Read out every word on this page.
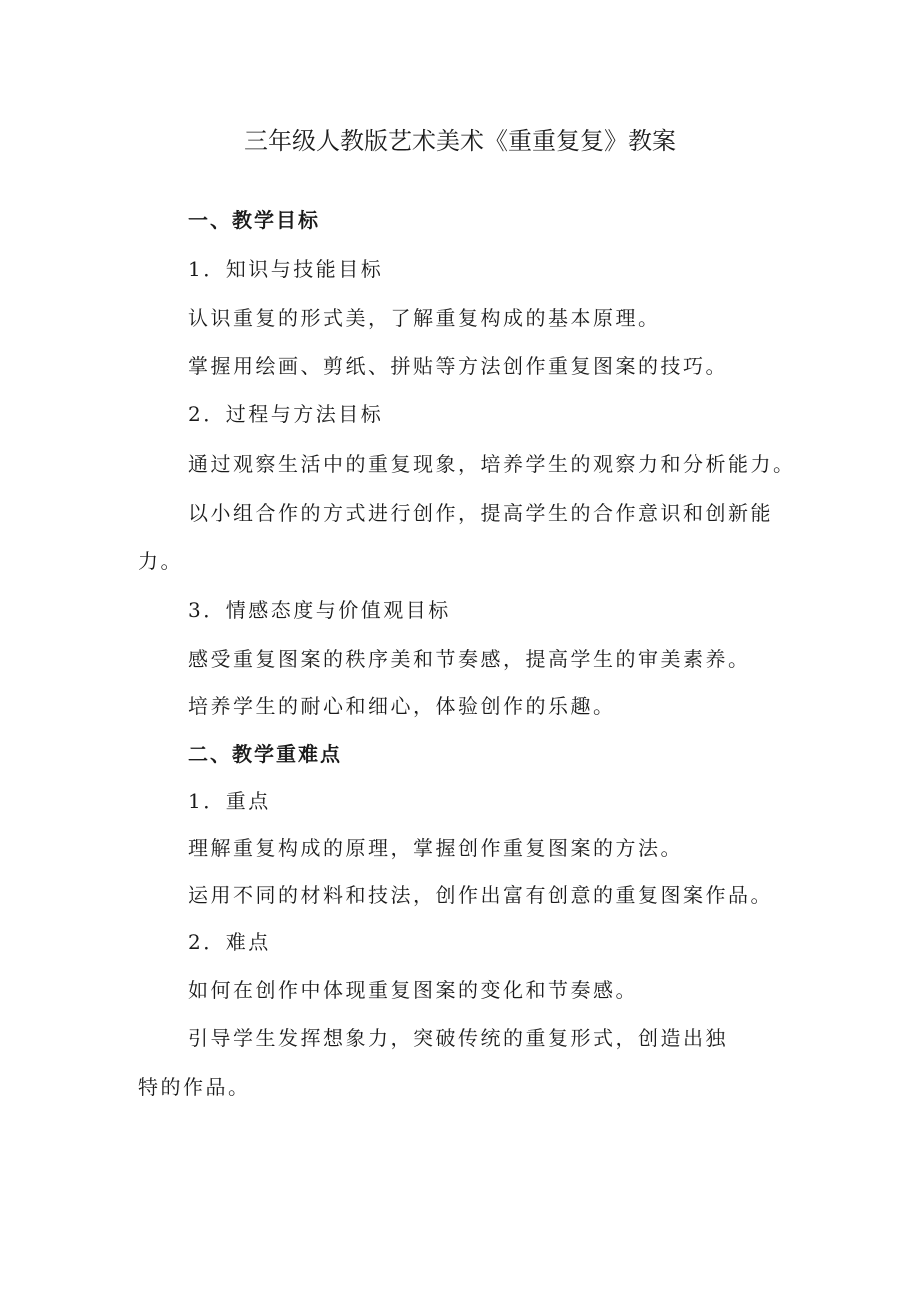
三年级人教版艺术美术《重重复复》教案
一、教学目标
1．知识与技能目标
认识重复的形式美，了解重复构成的基本原理。
掌握用绘画、剪纸、拼贴等方法创作重复图案的技巧。
2．过程与方法目标
通过观察生活中的重复现象，培养学生的观察力和分析能力。
以小组合作的方式进行创作，提高学生的合作意识和创新能
力。
3．情感态度与价值观目标
感受重复图案的秩序美和节奏感，提高学生的审美素养。
培养学生的耐心和细心，体验创作的乐趣。
二、教学重难点
1．重点
理解重复构成的原理，掌握创作重复图案的方法。
运用不同的材料和技法，创作出富有创意的重复图案作品。
2．难点
如何在创作中体现重复图案的变化和节奏感。
引导学生发挥想象力，突破传统的重复形式，创造出独
特的作品。
